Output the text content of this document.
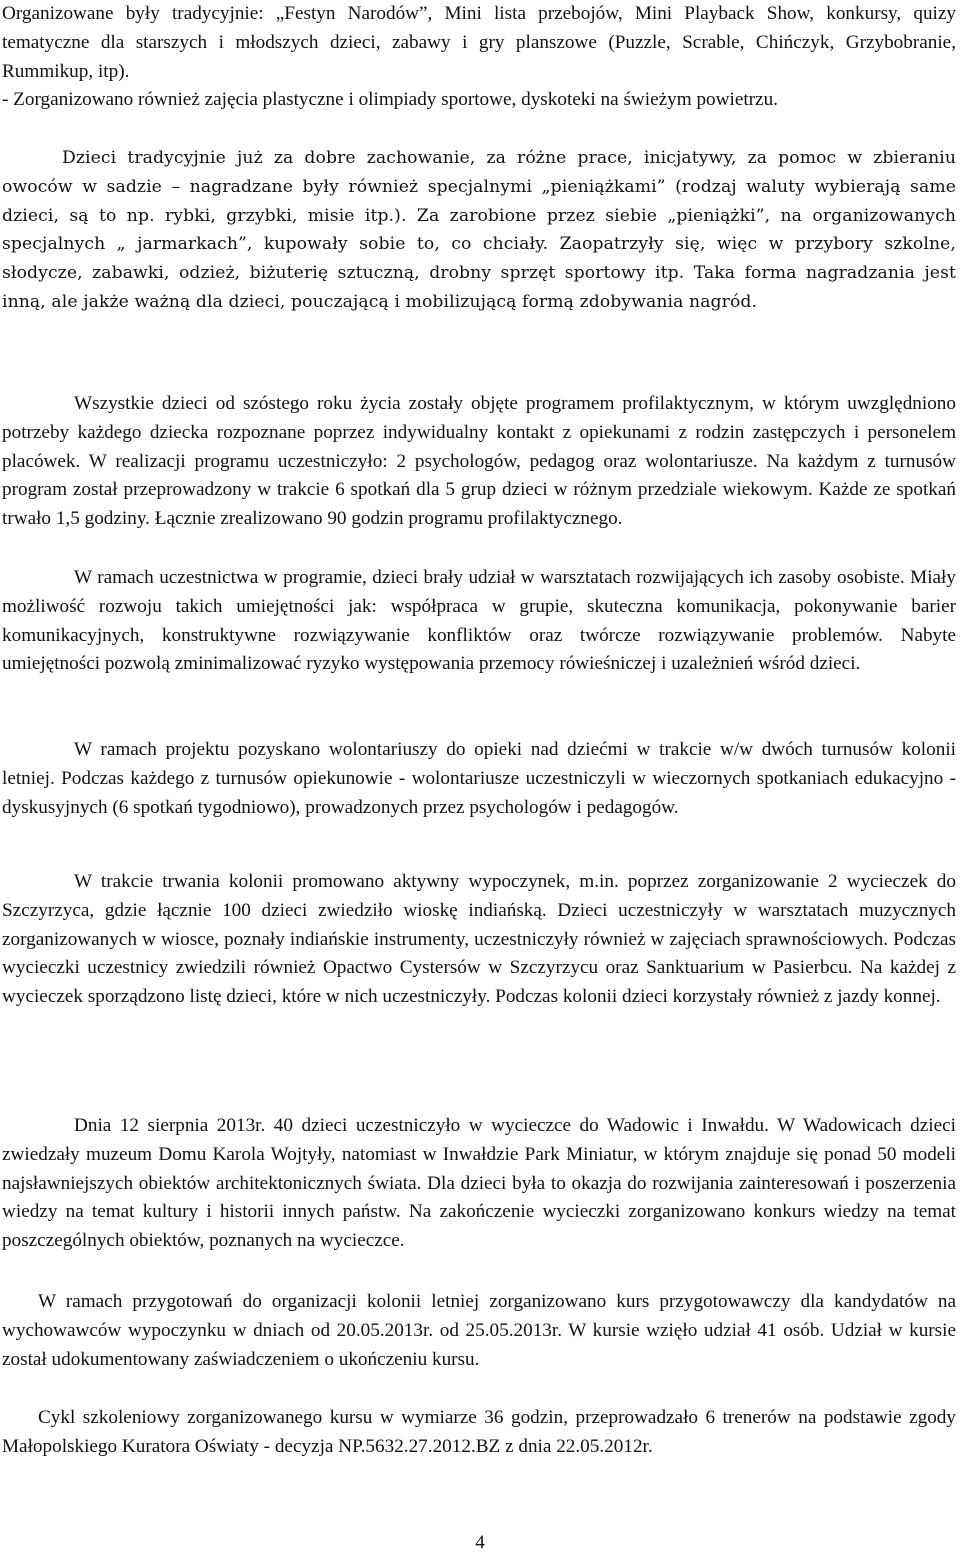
Organizowane były tradycyjnie: „Festyn Narodów”, Mini lista przebojów, Mini Playback Show, konkursy, quizy tematyczne dla starszych i młodszych dzieci, zabawy i gry planszowe (Puzzle, Scrable, Chińczyk, Grzybobranie, Rummikup, itp).

- Zorganizowano również zajęcia plastyczne i olimpiady sportowe, dyskoteki na świeżym powietrzu.

Dzieci tradycyjnie już za dobre zachowanie, za różne prace, inicjatywy, za pomoc w zbieraniu owoców w sadzie – nagradzane były również specjalnymi „pieniążkami” (rodzaj waluty wybierają same dzieci, są to np. rybki, grzybki, misie itp.). Za zarobione przez siebie „pieniążki”, na organizowanych specjalnych „ jarmarkach”, kupowały sobie to, co chciały. Zaopatrzyły się, więc w przybory szkolne, słodycze, zabawki, odzież, biżuterię sztuczną, drobny sprzęt sportowy itp. Taka forma nagradzania jest inną, ale jakże ważną dla dzieci, pouczającą i mobilizującą formą zdobywania nagród.

Wszystkie dzieci od szóstego roku życia zostały objęte programem profilaktycznym, w którym uwzględniono potrzeby każdego dziecka rozpoznane poprzez indywidualny kontakt z opiekunami z rodzin zastępczych i personelem placówek. W realizacji programu uczestniczyło: 2 psychologów, pedagog oraz wolontariusze. Na każdym z turnusów program został przeprowadzony w trakcie 6 spotkań dla 5 grup dzieci w różnym przedziale wiekowym. Każde ze spotkań trwało 1,5 godziny. Łącznie zrealizowano 90 godzin programu profilaktycznego.

W ramach uczestnictwa w programie, dzieci brały udział w warsztatach rozwijających ich zasoby osobiste. Miały możliwość rozwoju takich umiejętności jak: współpraca w grupie, skuteczna komunikacja, pokonywanie barier komunikacyjnych, konstruktywne rozwiązywanie konfliktów oraz twórcze rozwiązywanie problemów. Nabyte umiejętności pozwolą zminimalizować ryzyko występowania przemocy rówieśniczej i uzależnień wśród dzieci.

W ramach projektu pozyskano wolontariuszy do opieki nad dziećmi w trakcie w/w dwóch turnusów kolonii letniej. Podczas każdego z turnusów opiekunowie - wolontariusze uczestniczyli w wieczornych spotkaniach edukacyjno - dyskusyjnych (6 spotkań tygodniowo), prowadzonych przez psychologów i pedagogów.

W trakcie trwania kolonii promowano aktywny wypoczynek, m.in. poprzez zorganizowanie 2 wycieczek do Szczyrzyca, gdzie łącznie 100 dzieci zwiedziło wioskę indiańską. Dzieci uczestniczyły w warsztatach muzycznych zorganizowanych w wiosce, poznały indiańskie instrumenty, uczestniczyły również w zajęciach sprawnościowych. Podczas wycieczki uczestnicy zwiedzili również Opactwo Cystersów w Szczyrzycu oraz Sanktuarium w Pasierbcu. Na każdej z wycieczek sporządzono listę dzieci, które w nich uczestniczyły. Podczas kolonii dzieci korzystały również z jazdy konnej.

Dnia 12 sierpnia 2013r. 40 dzieci uczestniczyło w wycieczce do Wadowic i Inwałdu. W Wadowicach dzieci zwiedzały muzeum Domu Karola Wojtyły, natomiast w Inwałdzie Park Miniatur, w którym znajduje się ponad 50 modeli najsławniejszych obiektów architektonicznych świata. Dla dzieci była to okazja do rozwijania zainteresowań i poszerzenia wiedzy na temat kultury i historii innych państw. Na zakończenie wycieczki zorganizowano konkurs wiedzy na temat poszczególnych obiektów, poznanych na wycieczce.

W ramach przygotowań do organizacji kolonii letniej zorganizowano kurs przygotowawczy dla kandydatów na wychowawców wypoczynku w dniach od 20.05.2013r. od 25.05.2013r. W kursie wzięło udział 41 osób. Udział w kursie został udokumentowany zaświadczeniem o ukończeniu kursu.

Cykl szkoleniowy zorganizowanego kursu w wymiarze 36 godzin, przeprowadzało 6 trenerów na podstawie zgody Małopolskiego Kuratora Oświaty - decyzja NP.5632.27.2012.BZ z dnia 22.05.2012r.

4
